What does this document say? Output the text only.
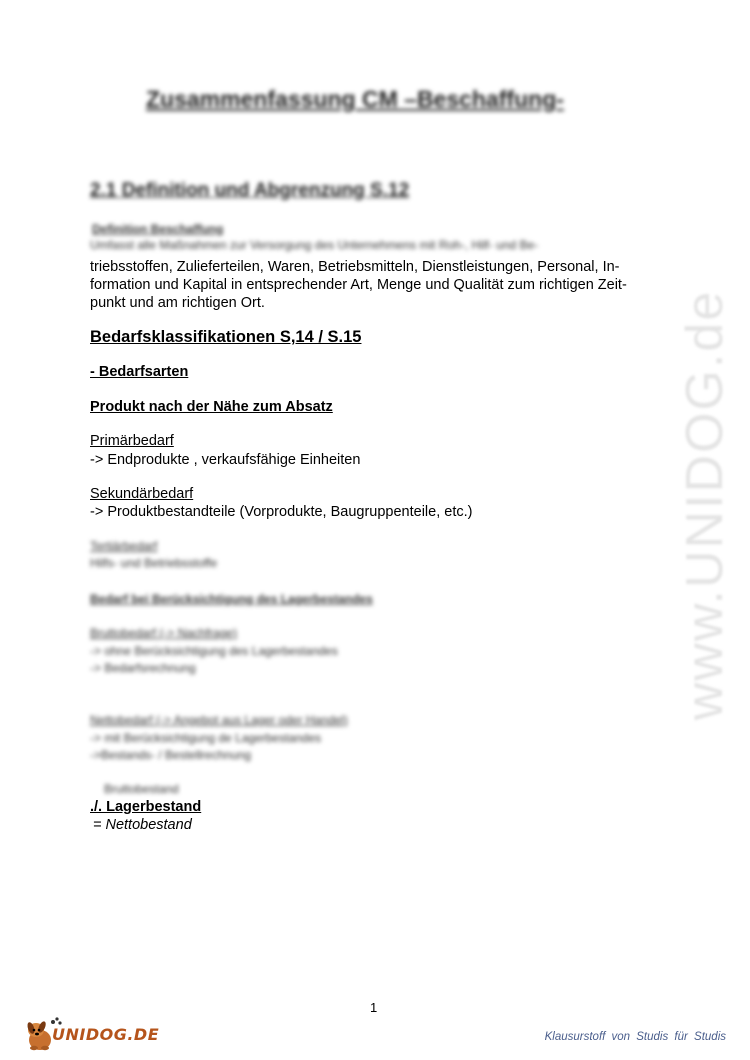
www.UNIDOG.de
Zusammenfassung CM –Beschaffung-
2.1 Definition und Abgrenzung S.12
Definition Beschaffung
Umfasst alle Maßnahmen zur Versorgung des Unternehmens mit Roh-, Hilf- und Be-
triebsstoffen, Zulieferteilen, Waren, Betriebsmitteln, Dienstleistungen, Personal, In-
formation und Kapital in entsprechender Art, Menge und Qualität zum richtigen Zeit-
punkt und am richtigen Ort.
Bedarfsklassifikationen S,14 / S.15
- Bedarfsarten
Produkt nach der Nähe zum Absatz
Primärbedarf
-> Endprodukte , verkaufsfähige Einheiten
Sekundärbedarf
-> Produktbestandteile (Vorprodukte, Baugruppenteile, etc.)
Tertiärbedarf
Hilfs- und Betriebsstoffe
Bedarf bei Berücksichtigung des Lagerbestandes
Bruttobedarf (-> Nachfrage)
-> ohne Berücksichtigung des Lagerbestandes
-> Bedarfsrechnung
Nettobedarf (-> Angebot aus Lager oder Handel)
-> mit Berücksichtigung de Lagerbestandes
->Bestands- / Bestellrechnung
Bruttobestand
./. Lagerbestand
= Nettobestand
1
UNIDOG.DE	Klausurstoff von Studis für Studis
